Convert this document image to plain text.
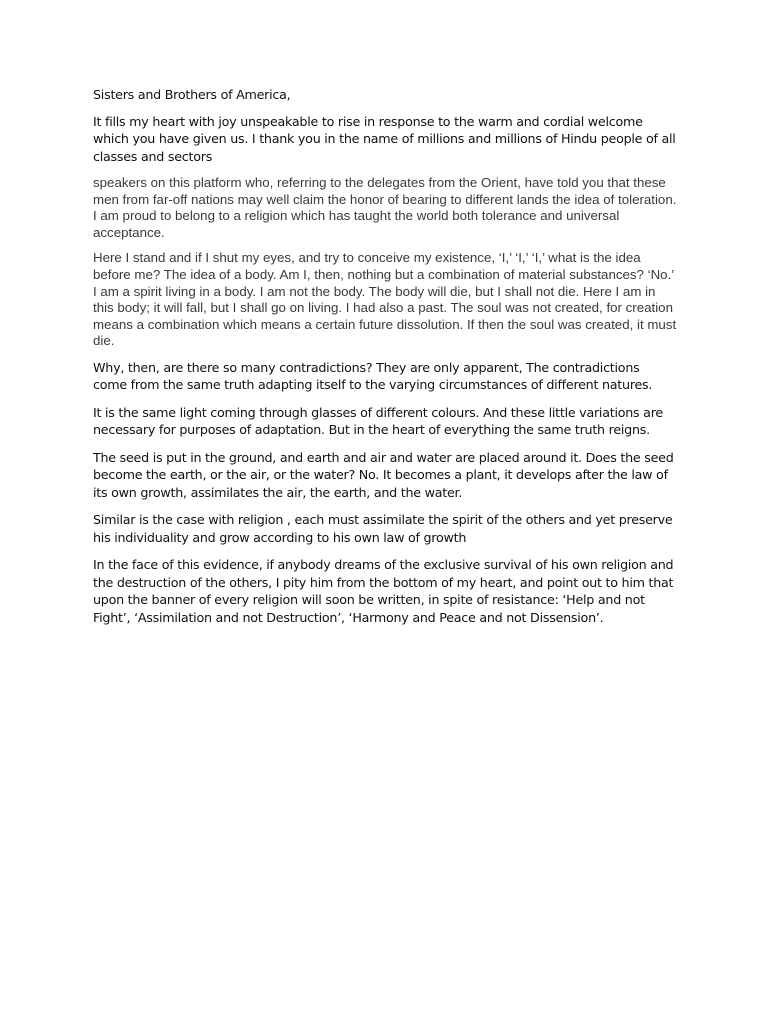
Sisters and Brothers of America,

It fills my heart with joy unspeakable to rise in response to the warm and cordial welcome which you have given us. I thank you in the name of millions and millions of Hindu people of all classes and sectors

speakers on this platform who, referring to the delegates from the Orient, have told you that these men from far-off nations may well claim the honor of bearing to different lands the idea of toleration. I am proud to belong to a religion which has taught the world both tolerance and universal acceptance.

Here I stand and if I shut my eyes, and try to conceive my existence, ‘I,’ ‘I,’ ‘I,’ what is the idea before me? The idea of a body. Am I, then, nothing but a combination of material substances? ‘No.’ I am a spirit living in a body. I am not the body. The body will die, but I shall not die. Here I am in this body; it will fall, but I shall go on living. I had also a past. The soul was not created, for creation means a combination which means a certain future dissolution. If then the soul was created, it must die.

Why, then, are there so many contradictions? They are only apparent, The contradictions come from the same truth adapting itself to the varying circumstances of different natures.

It is the same light coming through glasses of different colours. And these little variations are necessary for purposes of adaptation. But in the heart of everything the same truth reigns.

The seed is put in the ground, and earth and air and water are placed around it. Does the seed become the earth, or the air, or the water? No. It becomes a plant, it develops after the law of its own growth, assimilates the air, the earth, and the water.

Similar is the case with religion , each must assimilate the spirit of the others and yet preserve his individuality and grow according to his own law of growth

In the face of this evidence, if anybody dreams of the exclusive survival of his own religion and the destruction of the others, I pity him from the bottom of my heart, and point out to him that upon the banner of every religion will soon be written, in spite of resistance: ‘Help and not Fight’, ‘Assimilation and not Destruction’, ‘Harmony and Peace and not Dissension’.
